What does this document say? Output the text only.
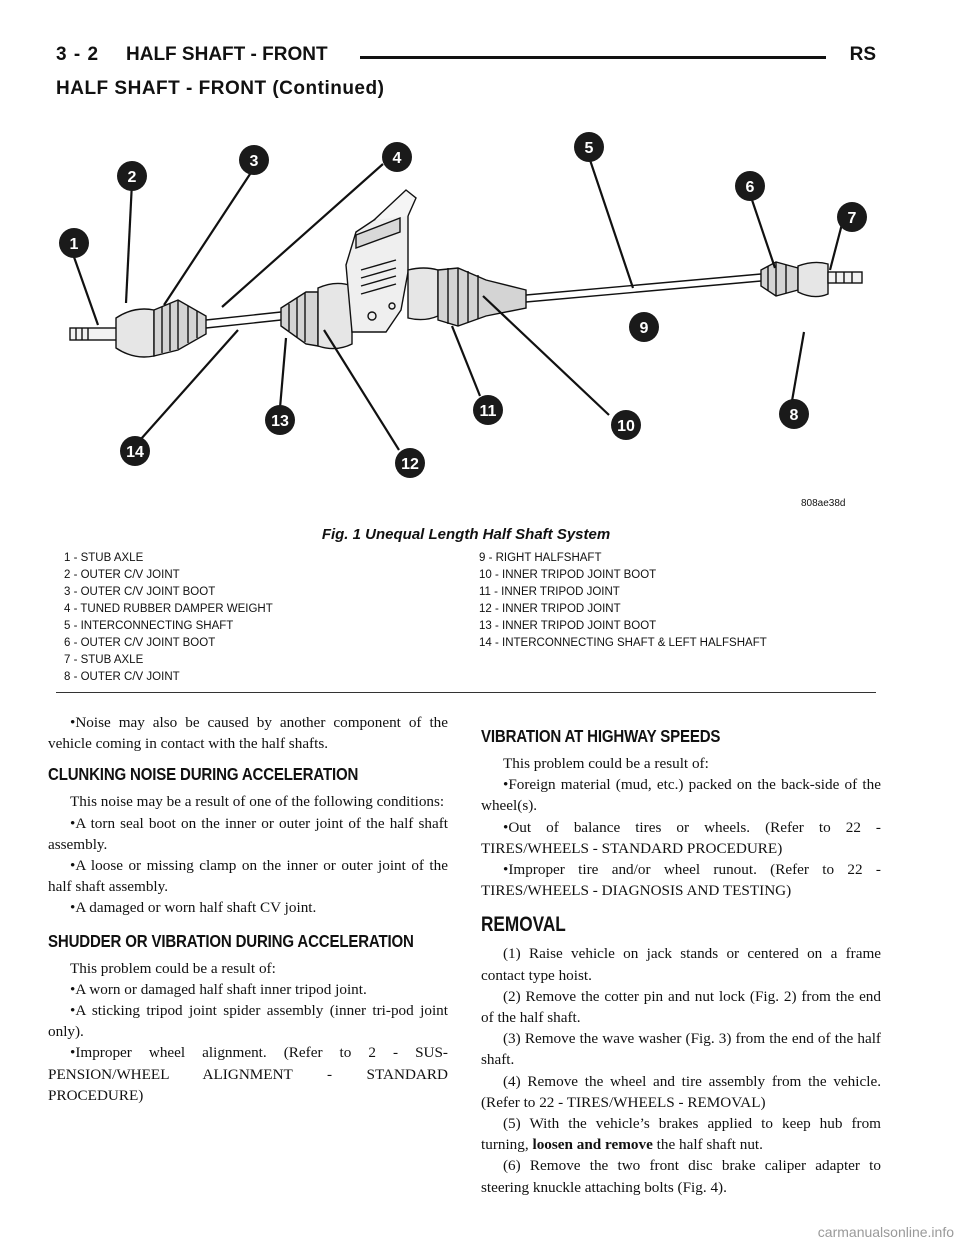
3 - 2 HALF SHAFT - FRONT	RS
HALF SHAFT - FRONT (Continued)
1
2
3	4
5
6
7
8
9
10
11
12
13
14
808ae38d
Fig. 1 Unequal Length Half Shaft System
1 - STUB AXLE
2 - OUTER C/V JOINT
3 - OUTER C/V JOINT BOOT
4 - TUNED RUBBER DAMPER WEIGHT
5 - INTERCONNECTING SHAFT
6 - OUTER C/V JOINT BOOT
7 - STUB AXLE
8 - OUTER C/V JOINT
9 - RIGHT HALFSHAFT
10 - INNER TRIPOD JOINT BOOT
11 - INNER TRIPOD JOINT
12 - INNER TRIPOD JOINT
13 - INNER TRIPOD JOINT BOOT
14 - INTERCONNECTING SHAFT & LEFT HALFSHAFT

•Noise may also be caused by another component of the vehicle coming in contact with the half shafts.

CLUNKING NOISE DURING ACCELERATION

This noise may be a result of one of the following conditions:

•A torn seal boot on the inner or outer joint of the half shaft assembly.

•A loose or missing clamp on the inner or outer joint of the half shaft assembly.

•A damaged or worn half shaft CV joint.

SHUDDER OR VIBRATION DURING ACCELERATION

This problem could be a result of:

•A worn or damaged half shaft inner tripod joint.

•A sticking tripod joint spider assembly (inner tri-pod joint only).

•Improper wheel alignment. (Refer to 2 - SUS-PENSION/WHEEL ALIGNMENT - STANDARD PROCEDURE)

VIBRATION AT HIGHWAY SPEEDS

This problem could be a result of:

•Foreign material (mud, etc.) packed on the back-side of the wheel(s).

•Out of balance tires or wheels. (Refer to 22 - TIRES/WHEELS - STANDARD PROCEDURE)

•Improper tire and/or wheel runout. (Refer to 22 - TIRES/WHEELS - DIAGNOSIS AND TESTING)

REMOVAL

(1) Raise vehicle on jack stands or centered on a frame contact type hoist.

(2) Remove the cotter pin and nut lock (Fig. 2) from the end of the half shaft.

(3) Remove the wave washer (Fig. 3) from the end of the half shaft.

(4) Remove the wheel and tire assembly from the vehicle. (Refer to 22 - TIRES/WHEELS - REMOVAL)

(5) With the vehicle’s brakes applied to keep hub from turning, loosen and remove the half shaft nut.

(6) Remove the two front disc brake caliper adapter to steering knuckle attaching bolts (Fig. 4).

carmanualsonline.info
